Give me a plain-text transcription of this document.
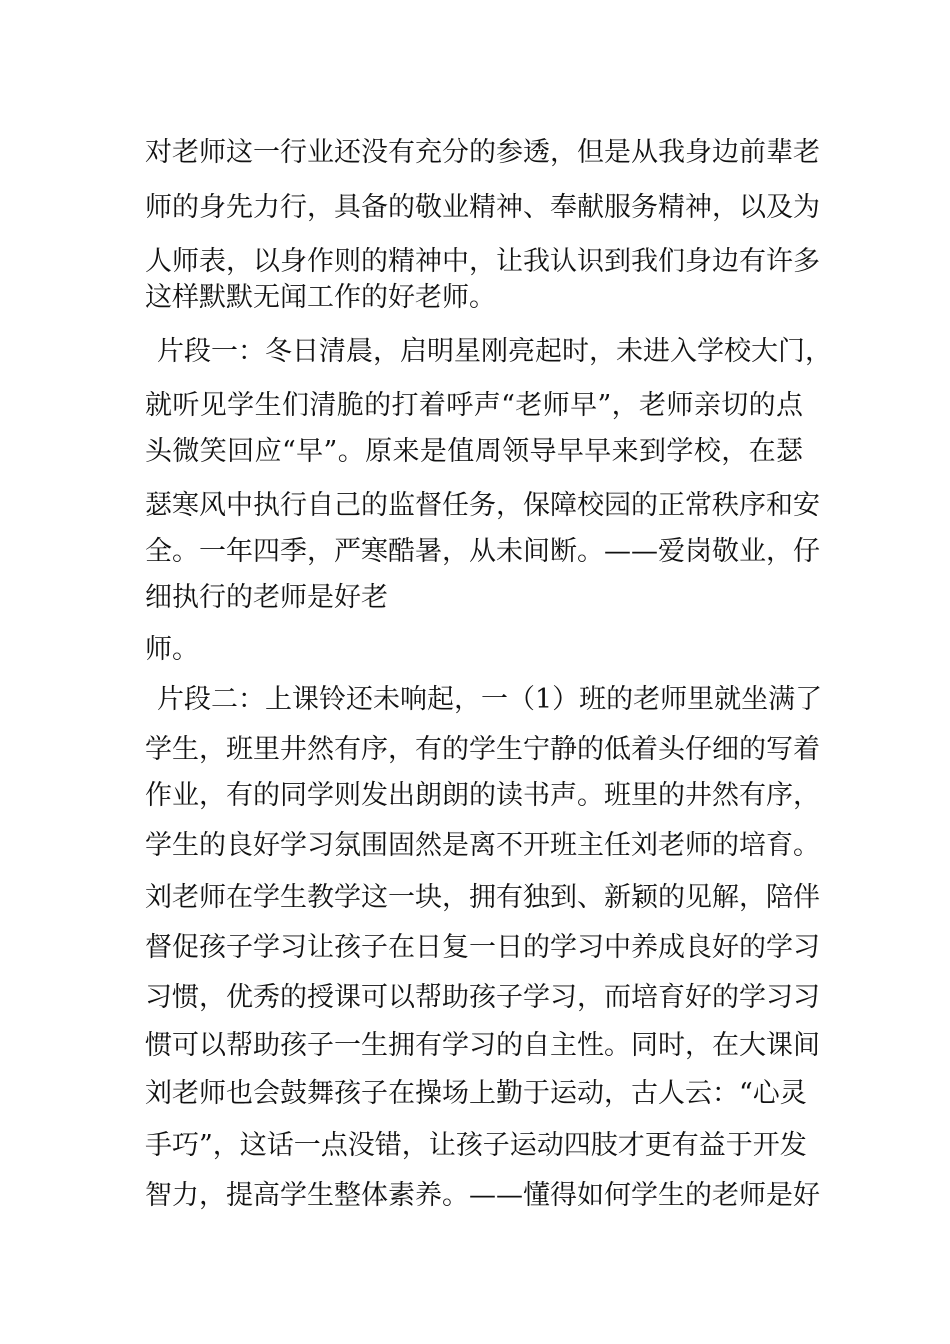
对老师这一行业还没有充分的参透，但是从我身边前辈老

师的身先力行，具备的敬业精神、奉献服务精神，以及为

人师表，以身作则的精神中，让我认识到我们身边有许多

这样默默无闻工作的好老师。

片段一：冬日清晨，启明星刚亮起时，未进入学校大门，

就听见学生们清脆的打着呼声“老师早”，老师亲切的点

头微笑回应“早”。原来是值周领导早早来到学校，在瑟

瑟寒风中执行自己的监督任务，保障校园的正常秩序和安

全。一年四季，严寒酷暑，从未间断。——爱岗敬业，仔

细执行的老师是好老

师。

片段二：上课铃还未响起，一（1）班的老师里就坐满了

学生，班里井然有序，有的学生宁静的低着头仔细的写着

作业，有的同学则发出朗朗的读书声。班里的井然有序，

学生的良好学习氛围固然是离不开班主任刘老师的培育。

刘老师在学生教学这一块，拥有独到、新颖的见解，陪伴

督促孩子学习让孩子在日复一日的学习中养成良好的学习

习惯，优秀的授课可以帮助孩子学习，而培育好的学习习

惯可以帮助孩子一生拥有学习的自主性。同时，在大课间

刘老师也会鼓舞孩子在操场上勤于运动，古人云：“心灵

手巧”，这话一点没错，让孩子运动四肢才更有益于开发

智力，提高学生整体素养。——懂得如何学生的老师是好
